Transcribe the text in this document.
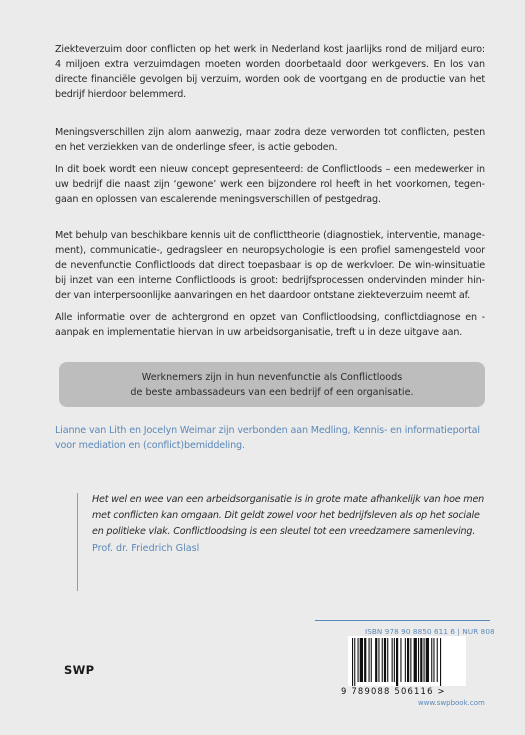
Ziekteverzuim door conflicten op het werk in Nederland kost jaarlijks rond de miljard euro: 4 miljoen extra verzuimdagen moeten worden doorbetaald door werkgevers. En los van directe financiële gevolgen bij verzuim, worden ook de voortgang en de productie van het bedrijf hierdoor belemmerd.

Meningsverschillen zijn alom aanwezig, maar zodra deze verworden tot conflicten, pesten en het verziekken van de onderlinge sfeer, is actie geboden.

In dit boek wordt een nieuw concept gepresenteerd: de Conflictloods – een medewerker in uw bedrijf die naast zijn ‘gewone’ werk een bijzondere rol heeft in het voorkomen, tegengaan en oplossen van escalerende meningsverschillen of pestgedrag.

Met behulp van beschikbare kennis uit de conflicttheorie (diagnostiek, interventie, management), communicatie-, gedragsleer en neuropsychologie is een profiel samengesteld voor de nevenfunctie Conflictloods dat direct toepasbaar is op de werkvloer. De win-winsituatie bij inzet van een interne Conflictloods is groot: bedrijfsprocessen ondervinden minder hinder van interpersoonlijke aanvaringen en het daardoor ontstane ziekteverzuim neemt af.

Alle informatie over de achtergrond en opzet van Conflictloodsing, conflictdiagnose en -aanpak en implementatie hiervan in uw arbeidsorganisatie, treft u in deze uitgave aan.

Werknemers zijn in hun nevenfunctie als Conflictloods
de beste ambassadeurs van een bedrijf of een organisatie.

Lianne van Lith en Jocelyn Weimar zijn verbonden aan Medling, Kennis- en informatieportal voor mediation en (conflict)bemiddeling.

Het wel en wee van een arbeidsorganisatie is in grote mate afhankelijk van hoe men met conflicten kan omgaan. Dit geldt zowel voor het bedrijfsleven als op het sociale en politieke vlak. Conflictloodsing is een sleutel tot een vreedzamere samenleving.

Prof. dr. Friedrich Glasl
ISBN 978 90 8850 611 6 | NUR 808
SWP
9 789088 506116 >
www.swpbook.com
